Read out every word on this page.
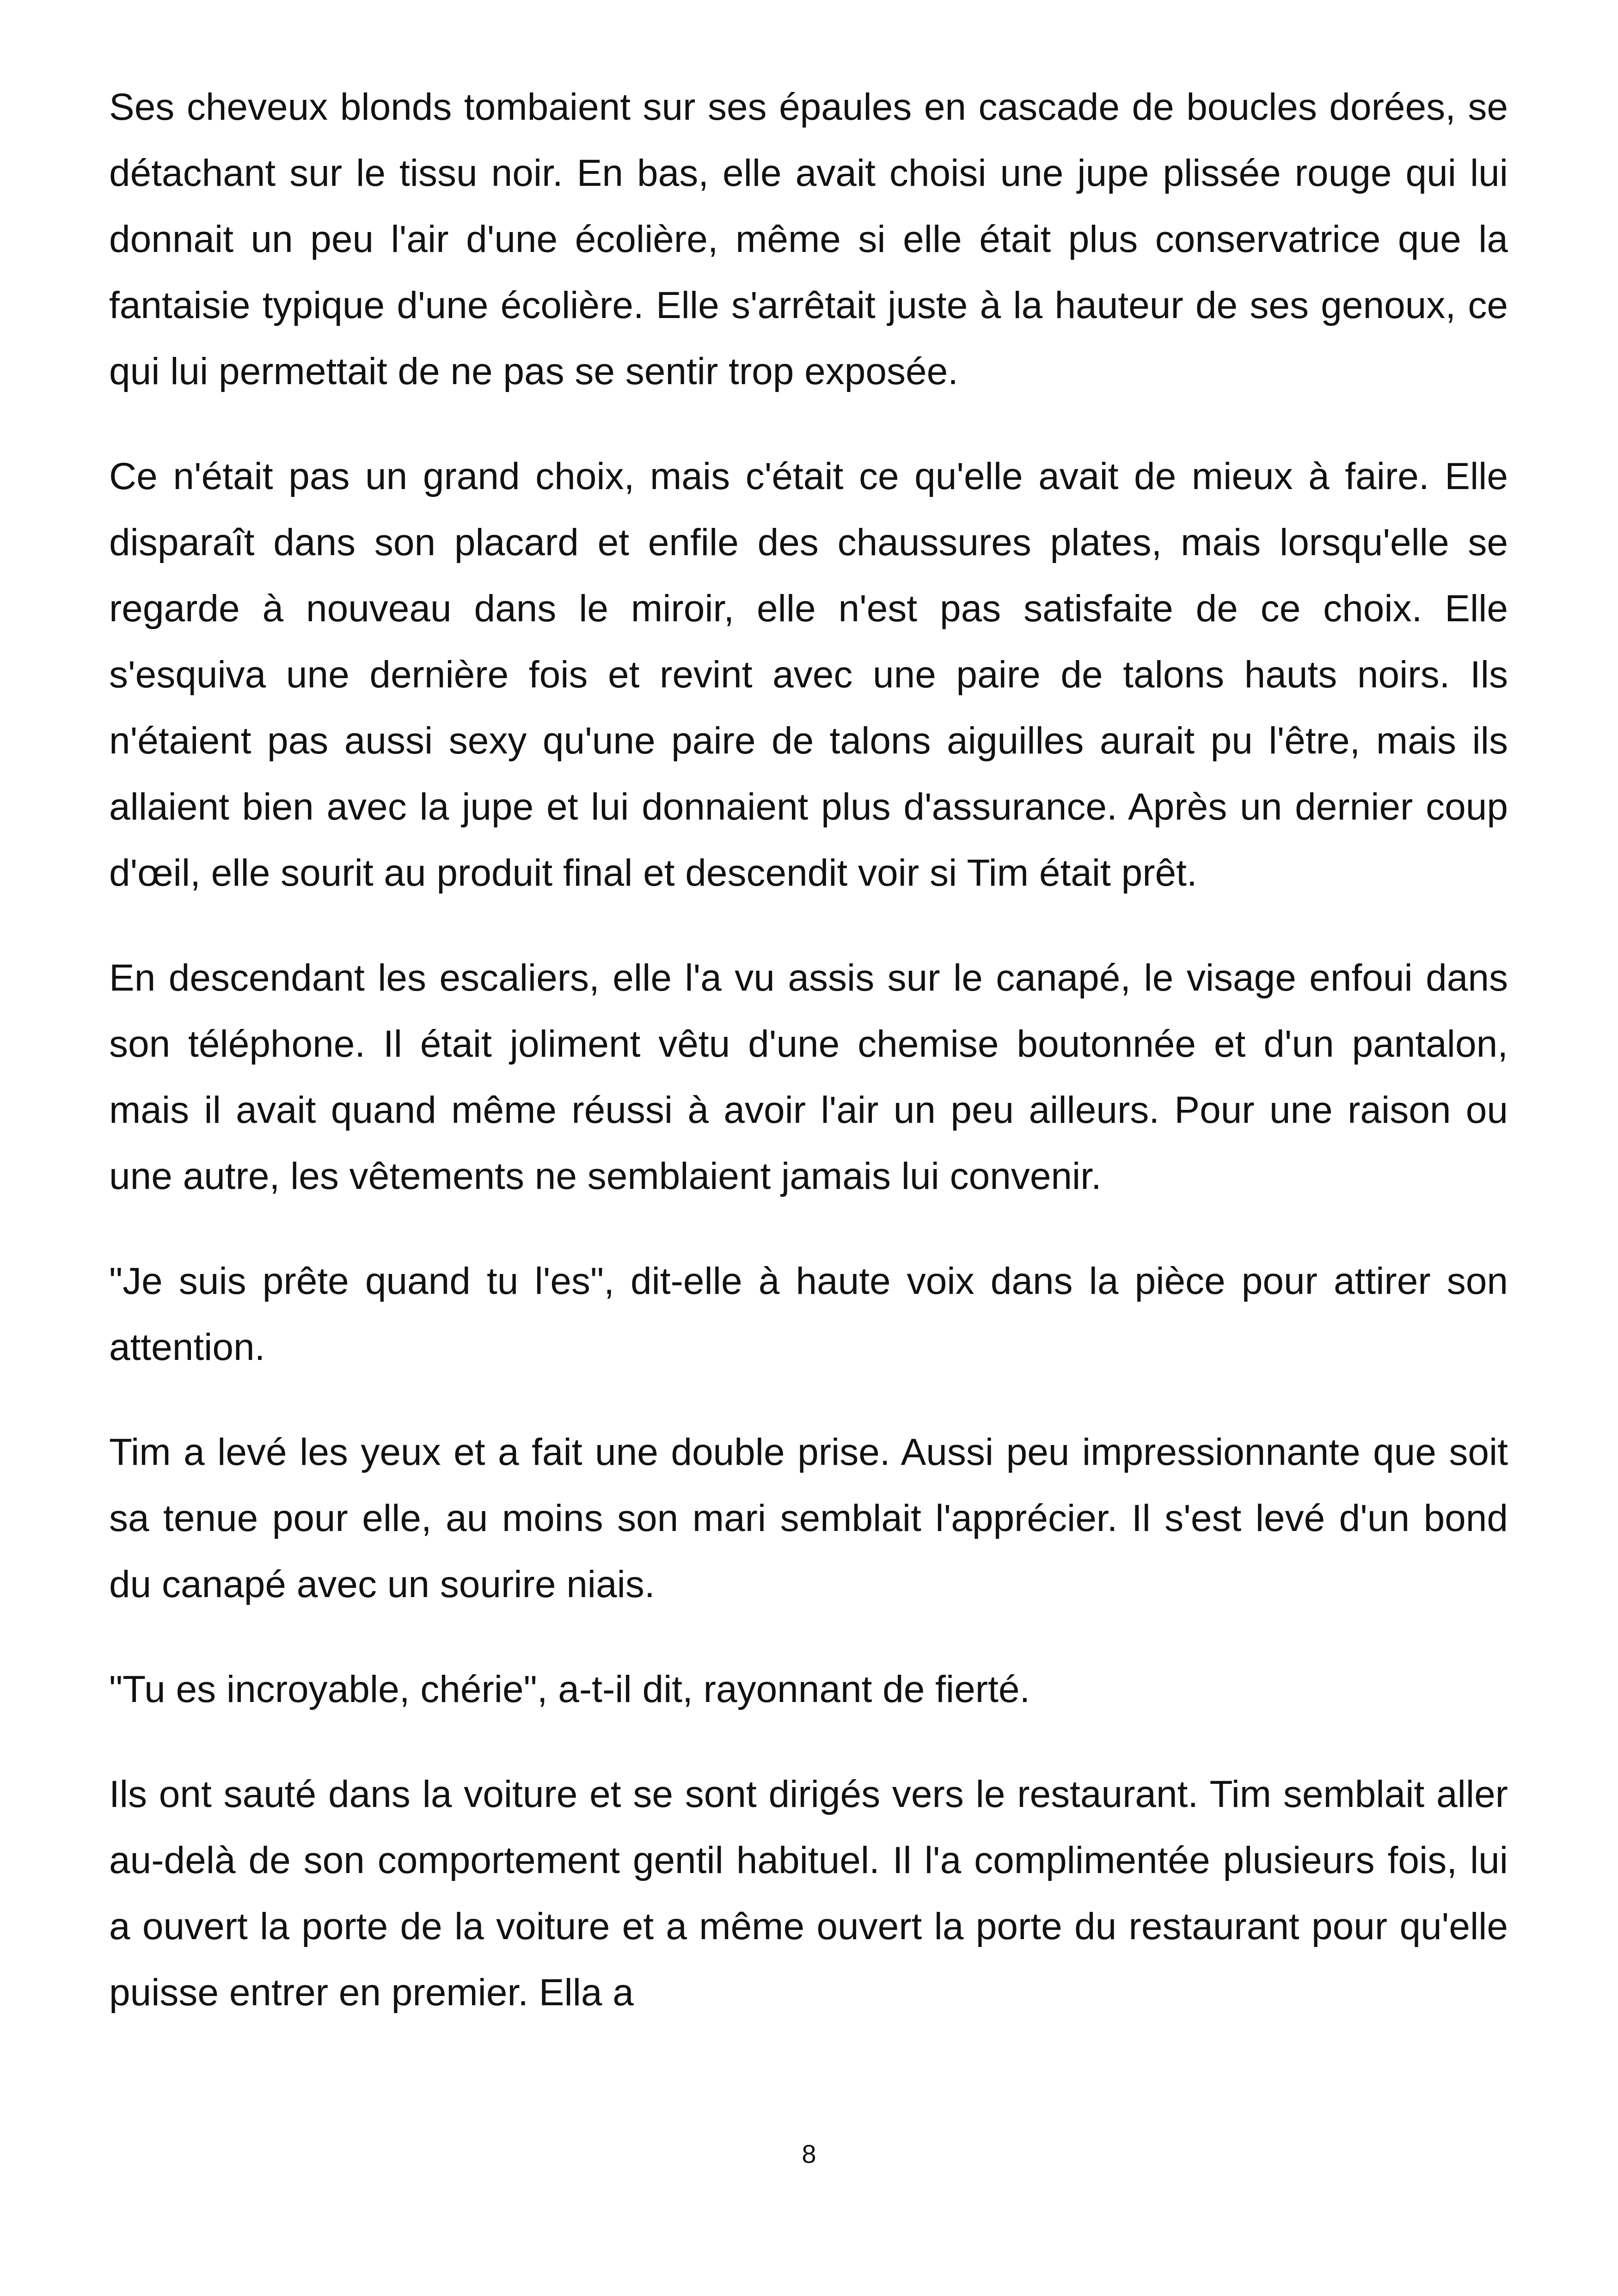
Ses cheveux blonds tombaient sur ses épaules en cascade de boucles dorées, se détachant sur le tissu noir. En bas, elle avait choisi une jupe plissée rouge qui lui donnait un peu l'air d'une écolière, même si elle était plus conservatrice que la fantaisie typique d'une écolière. Elle s'arrêtait juste à la hauteur de ses genoux, ce qui lui permettait de ne pas se sentir trop exposée.

Ce n'était pas un grand choix, mais c'était ce qu'elle avait de mieux à faire. Elle disparaît dans son placard et enfile des chaussures plates, mais lorsqu'elle se regarde à nouveau dans le miroir, elle n'est pas satisfaite de ce choix. Elle s'esquiva une dernière fois et revint avec une paire de talons hauts noirs. Ils n'étaient pas aussi sexy qu'une paire de talons aiguilles aurait pu l'être, mais ils allaient bien avec la jupe et lui donnaient plus d'assurance. Après un dernier coup d'œil, elle sourit au produit final et descendit voir si Tim était prêt.

En descendant les escaliers, elle l'a vu assis sur le canapé, le visage enfoui dans son téléphone. Il était joliment vêtu d'une chemise boutonnée et d'un pantalon, mais il avait quand même réussi à avoir l'air un peu ailleurs. Pour une raison ou une autre, les vêtements ne semblaient jamais lui convenir.

"Je suis prête quand tu l'es", dit-elle à haute voix dans la pièce pour attirer son attention.

Tim a levé les yeux et a fait une double prise. Aussi peu impressionnante que soit sa tenue pour elle, au moins son mari semblait l'apprécier. Il s'est levé d'un bond du canapé avec un sourire niais.

"Tu es incroyable, chérie", a-t-il dit, rayonnant de fierté.

Ils ont sauté dans la voiture et se sont dirigés vers le restaurant. Tim semblait aller au-delà de son comportement gentil habituel. Il l'a complimentée plusieurs fois, lui a ouvert la porte de la voiture et a même ouvert la porte du restaurant pour qu'elle puisse entrer en premier. Ella a

8
